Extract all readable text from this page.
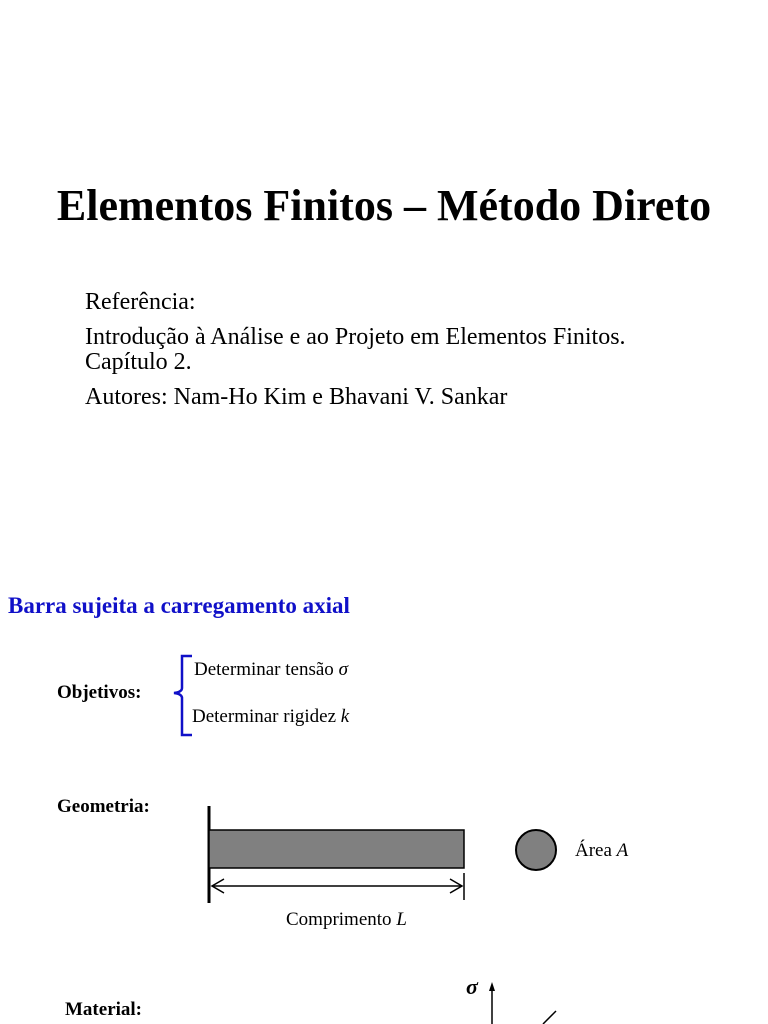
Elementos Finitos – Método Direto

Referência:

Introdução à Análise e ao Projeto em Elementos Finitos.

Capítulo 2.

Autores: Nam-Ho Kim e Bhavani V. Sankar

Barra sujeita a carregamento axial
Objetivos:
Determinar tensão σ
Determinar rigidez k
Geometria:
Área A
Comprimento L
Material:
σ
